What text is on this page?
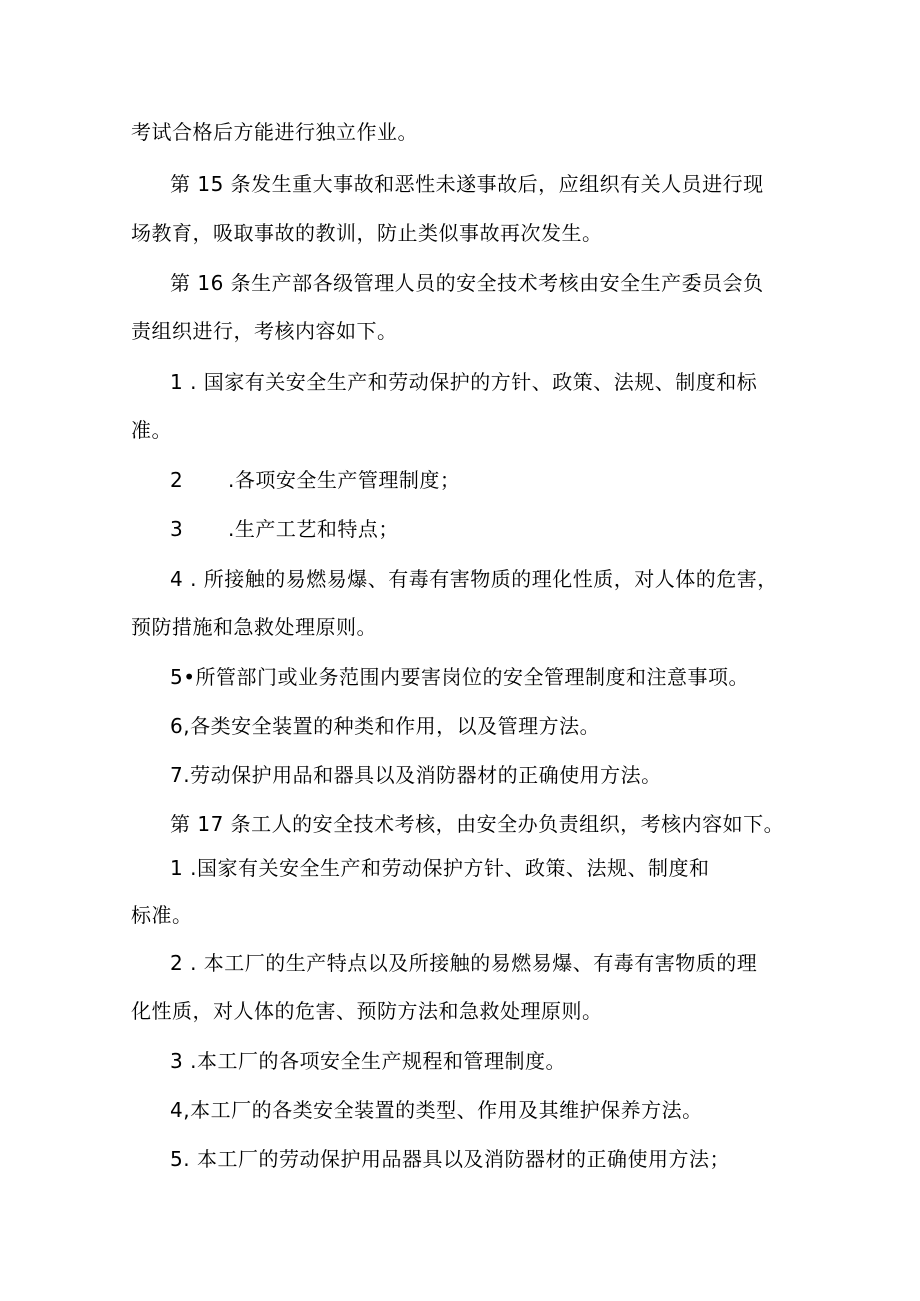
考试合格后方能进行独立作业。
第 15 条发生重大事故和恶性未遂事故后，应组织有关人员进行现
场教育，吸取事故的教训，防止类似事故再次发生。
第 16 条生产部各级管理人员的安全技术考核由安全生产委员会负
责组织进行，考核内容如下。
1 . 国家有关安全生产和劳动保护的方针、政策、法规、制度和标
准。
2 .各项安全生产管理制度；
3 .生产工艺和特点；
4 . 所接触的易燃易爆、有毒有害物质的理化性质，对人体的危害，
预防措施和急救处理原则。
5•所管部门或业务范围内要害岗位的安全管理制度和注意事项。
6,各类安全装置的种类和作用，以及管理方法。
7.劳动保护用品和器具以及消防器材的正确使用方法。
第 17 条工人的安全技术考核，由安全办负责组织，考核内容如下。
1 .国家有关安全生产和劳动保护方针、政策、法规、制度和
标准。
2 . 本工厂的生产特点以及所接触的易燃易爆、有毒有害物质的理
化性质，对人体的危害、预防方法和急救处理原则。
3 .本工厂的各项安全生产规程和管理制度。
4,本工厂的各类安全装置的类型、作用及其维护保养方法。
5. 本工厂的劳动保护用品器具以及消防器材的正确使用方法；
